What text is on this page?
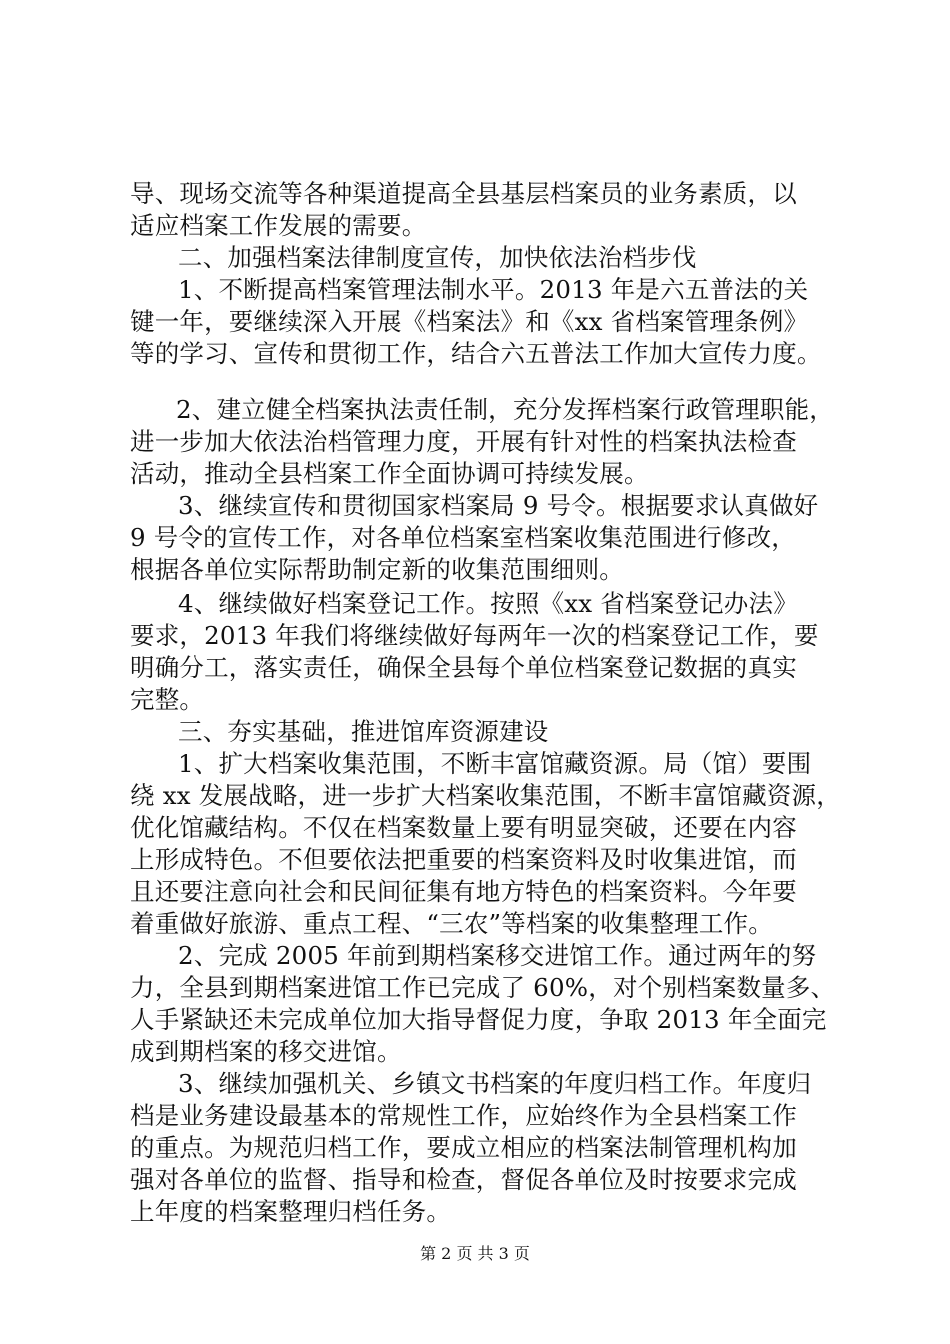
导、现场交流等各种渠道提高全县基层档案员的业务素质，以
适应档案工作发展的需要。
二、加强档案法律制度宣传，加快依法治档步伐
1、不断提高档案管理法制水平。2013 年是六五普法的关
键一年，要继续深入开展《档案法》和《xx 省档案管理条例》
等的学习、宣传和贯彻工作，结合六五普法工作加大宣传力度。
2、建立健全档案执法责任制，充分发挥档案行政管理职能，
进一步加大依法治档管理力度，开展有针对性的档案执法检查
活动，推动全县档案工作全面协调可持续发展。
3、继续宣传和贯彻国家档案局 9 号令。根据要求认真做好
9 号令的宣传工作，对各单位档案室档案收集范围进行修改，
根据各单位实际帮助制定新的收集范围细则。
4、继续做好档案登记工作。按照《xx 省档案登记办法》
要求，2013 年我们将继续做好每两年一次的档案登记工作，要
明确分工，落实责任，确保全县每个单位档案登记数据的真实
完整。
三、夯实基础，推进馆库资源建设
1、扩大档案收集范围，不断丰富馆藏资源。局（馆）要围
绕 xx 发展战略，进一步扩大档案收集范围，不断丰富馆藏资源，
优化馆藏结构。不仅在档案数量上要有明显突破，还要在内容
上形成特色。不但要依法把重要的档案资料及时收集进馆，而
且还要注意向社会和民间征集有地方特色的档案资料。今年要
着重做好旅游、重点工程、“三农”等档案的收集整理工作。
2、完成 2005 年前到期档案移交进馆工作。通过两年的努
力，全县到期档案进馆工作已完成了 60%，对个别档案数量多、
人手紧缺还未完成单位加大指导督促力度，争取 2013 年全面完
成到期档案的移交进馆。
3、继续加强机关、乡镇文书档案的年度归档工作。年度归
档是业务建设最基本的常规性工作，应始终作为全县档案工作
的重点。为规范归档工作，要成立相应的档案法制管理机构加
强对各单位的监督、指导和检查，督促各单位及时按要求完成
上年度的档案整理归档任务。
第 2 页 共 3 页
